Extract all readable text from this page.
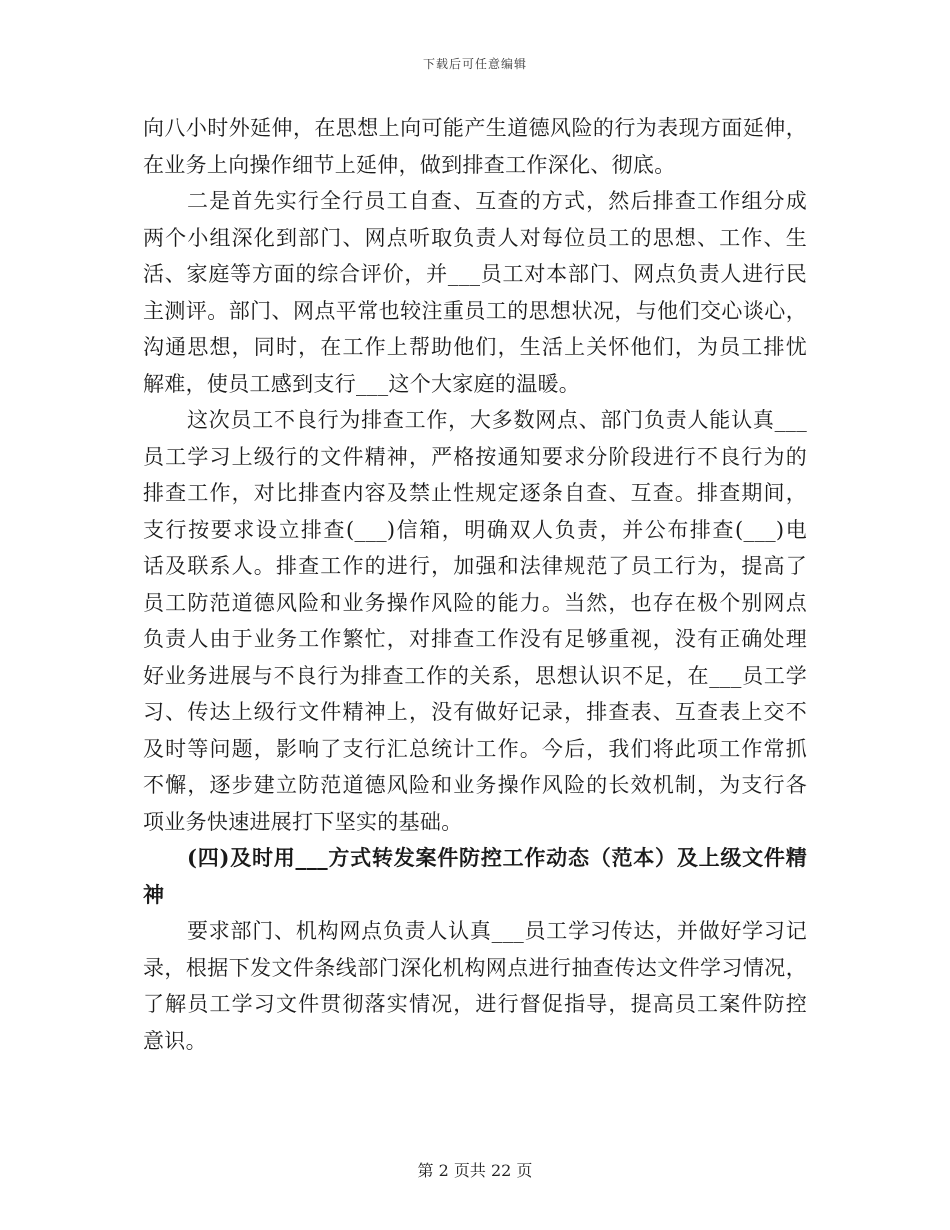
下载后可任意编辑
向八小时外延伸，在思想上向可能产生道德风险的行为表现方面延伸，
在业务上向操作细节上延伸，做到排查工作深化、彻底。
二是首先实行全行员工自查、互查的方式，然后排查工作组分成
两个小组深化到部门、网点听取负责人对每位员工的思想、工作、生
活、家庭等方面的综合评价，并___员工对本部门、网点负责人进行民
主测评。部门、网点平常也较注重员工的思想状况，与他们交心谈心，
沟通思想，同时，在工作上帮助他们，生活上关怀他们，为员工排忧
解难，使员工感到支行___这个大家庭的温暖。
这次员工不良行为排查工作，大多数网点、部门负责人能认真___
员工学习上级行的文件精神，严格按通知要求分阶段进行不良行为的
排查工作，对比排查内容及禁止性规定逐条自查、互查。排查期间，
支行按要求设立排查(___)信箱，明确双人负责，并公布排查(___)电
话及联系人。排查工作的进行，加强和法律规范了员工行为，提高了
员工防范道德风险和业务操作风险的能力。当然，也存在极个别网点
负责人由于业务工作繁忙，对排查工作没有足够重视，没有正确处理
好业务进展与不良行为排查工作的关系，思想认识不足，在___员工学
习、传达上级行文件精神上，没有做好记录，排查表、互查表上交不
及时等问题，影响了支行汇总统计工作。今后，我们将此项工作常抓
不懈，逐步建立防范道德风险和业务操作风险的长效机制，为支行各
项业务快速进展打下坚实的基础。
(四)及时用___方式转发案件防控工作动态（范本）及上级文件精
神
要求部门、机构网点负责人认真___员工学习传达，并做好学习记
录，根据下发文件条线部门深化机构网点进行抽查传达文件学习情况，
了解员工学习文件贯彻落实情况，进行督促指导，提高员工案件防控
意识。
第 2 页共 22 页
